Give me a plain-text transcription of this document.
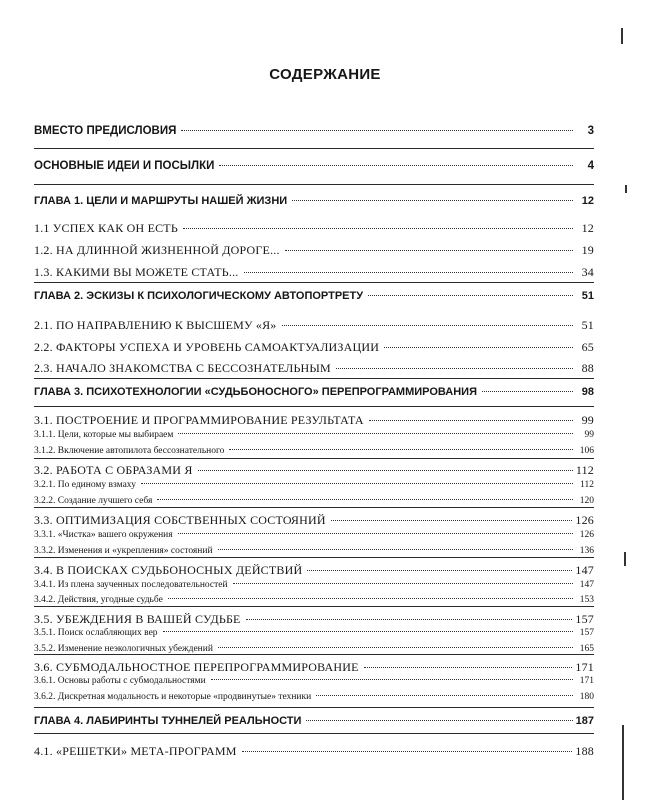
СОДЕРЖАНИЕ
ВМЕСТО ПРЕДИСЛОВИЯ	3
ОСНОВНЫЕ ИДЕИ И ПОСЫЛКИ	4
ГЛАВА 1. ЦЕЛИ И МАРШРУТЫ НАШЕЙ ЖИЗНИ	12
1.1 УСПЕХ КАК ОН ЕСТЬ	12
1.2. НА ДЛИННОЙ ЖИЗНЕННОЙ ДОРОГЕ...	19
1.3. КАКИМИ ВЫ МОЖЕТЕ СТАТЬ...	34
ГЛАВА 2. ЭСКИЗЫ К ПСИХОЛОГИЧЕСКОМУ АВТОПОРТРЕТУ	51
2.1. ПО НАПРАВЛЕНИЮ К ВЫСШЕМУ «Я»	51
2.2. ФАКТОРЫ УСПЕХА И УРОВЕНЬ САМОАКТУАЛИЗАЦИИ	65
2.3. НАЧАЛО ЗНАКОМСТВА С БЕССОЗНАТЕЛЬНЫМ	88
ГЛАВА 3. ПСИХОТЕХНОЛОГИИ «СУДЬБОНОСНОГО» ПЕРЕПРОГРАММИРОВАНИЯ	98
3.1. ПОСТРОЕНИЕ И ПРОГРАММИРОВАНИЕ РЕЗУЛЬТАТА	99
3.1.1. Цели, которые мы выбираем	99
3.1.2. Включение автопилота бессознательного	106
3.2. РАБОТА С ОБРАЗАМИ Я	112
3.2.1. По единому взмаху	112
3.2.2. Создание лучшего себя	120
3.3. ОПТИМИЗАЦИЯ СОБСТВЕННЫХ СОСТОЯНИЙ	126
3.3.1. «Чистка» вашего окружения	126
3.3.2. Изменения и «укрепления» состояний	136
3.4. В ПОИСКАХ СУДЬБОНОСНЫХ ДЕЙСТВИЙ	147
3.4.1. Из плена заученных последовательностей	147
3.4.2. Действия, угодные судьбе	153
3.5. УБЕЖДЕНИЯ В ВАШЕЙ СУДЬБЕ	157
3.5.1. Поиск ослабляющих вер	157
3.5.2. Изменение неэкологичных убеждений	165
3.6. СУБМОДАЛЬНОСТНОЕ ПЕРЕПРОГРАММИРОВАНИЕ	171
3.6.1. Основы работы с субмодальностями	171
3.6.2. Дискретная модальность и некоторые «продвинутые» техники	180
ГЛАВА 4. ЛАБИРИНТЫ ТУННЕЛЕЙ РЕАЛЬНОСТИ	187
4.1. «РЕШЕТКИ» МЕТА-ПРОГРАММ	188
